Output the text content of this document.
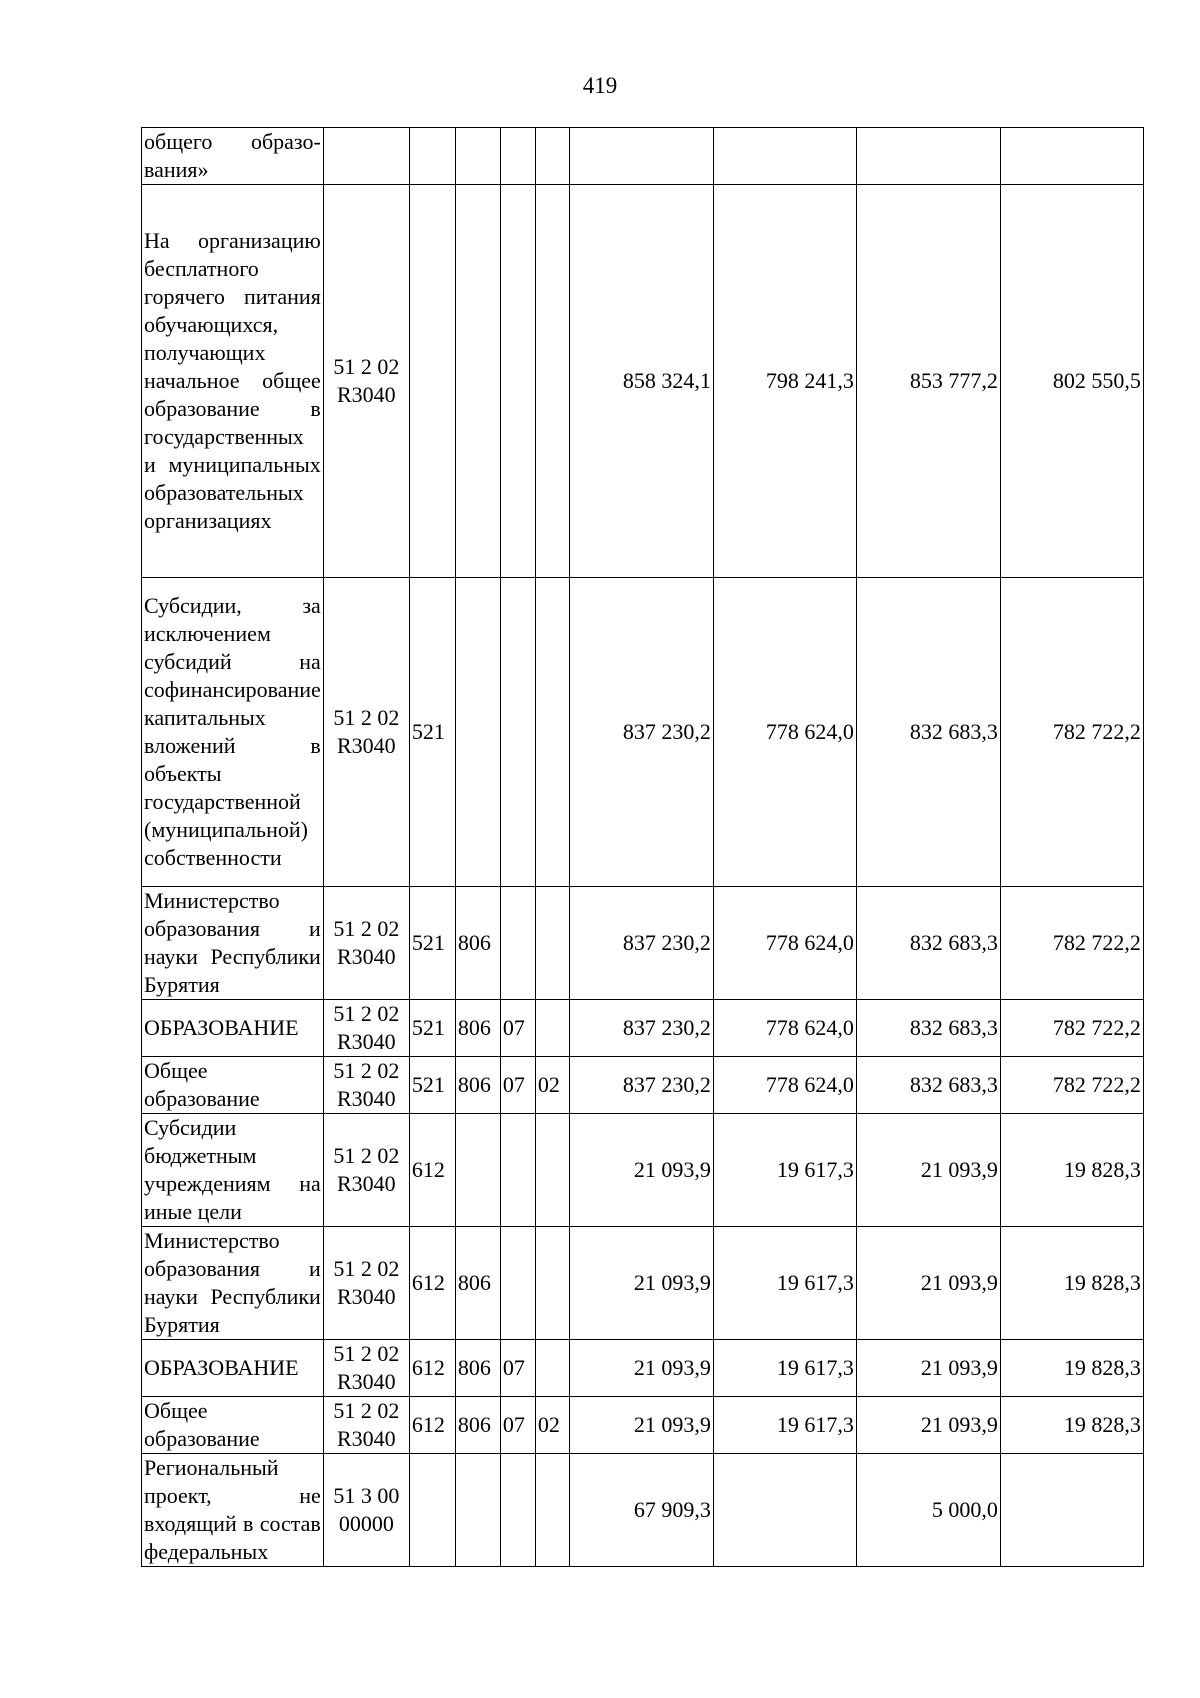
419
общего образо-вания»									
На организацию бесплатного горячего питания обучающихся, получающих начальное общее образование в государственных и муниципальных образовательных организациях	51 2 02 R3040					858 324,1	798 241,3	853 777,2	802 550,5
Субсидии, за исключением субсидий на софинансирование капитальных вложений в объекты государственной (муниципальной) собственности	51 2 02 R3040	521				837 230,2	778 624,0	832 683,3	782 722,2
Министерство образования и науки Республики Бурятия	51 2 02 R3040	521	806			837 230,2	778 624,0	832 683,3	782 722,2
ОБРАЗОВАНИЕ	51 2 02 R3040	521	806	07		837 230,2	778 624,0	832 683,3	782 722,2
Общее образование	51 2 02 R3040	521	806	07	02	837 230,2	778 624,0	832 683,3	782 722,2
Субсидии бюджетным учреждениям на иные цели	51 2 02 R3040	612				21 093,9	19 617,3	21 093,9	19 828,3
Министерство образования и науки Республики Бурятия	51 2 02 R3040	612	806			21 093,9	19 617,3	21 093,9	19 828,3
ОБРАЗОВАНИЕ	51 2 02 R3040	612	806	07		21 093,9	19 617,3	21 093,9	19 828,3
Общее образование	51 2 02 R3040	612	806	07	02	21 093,9	19 617,3	21 093,9	19 828,3
Региональный проект, не входящий в состав федеральных	51 3 00 00000					67 909,3		5 000,0	
